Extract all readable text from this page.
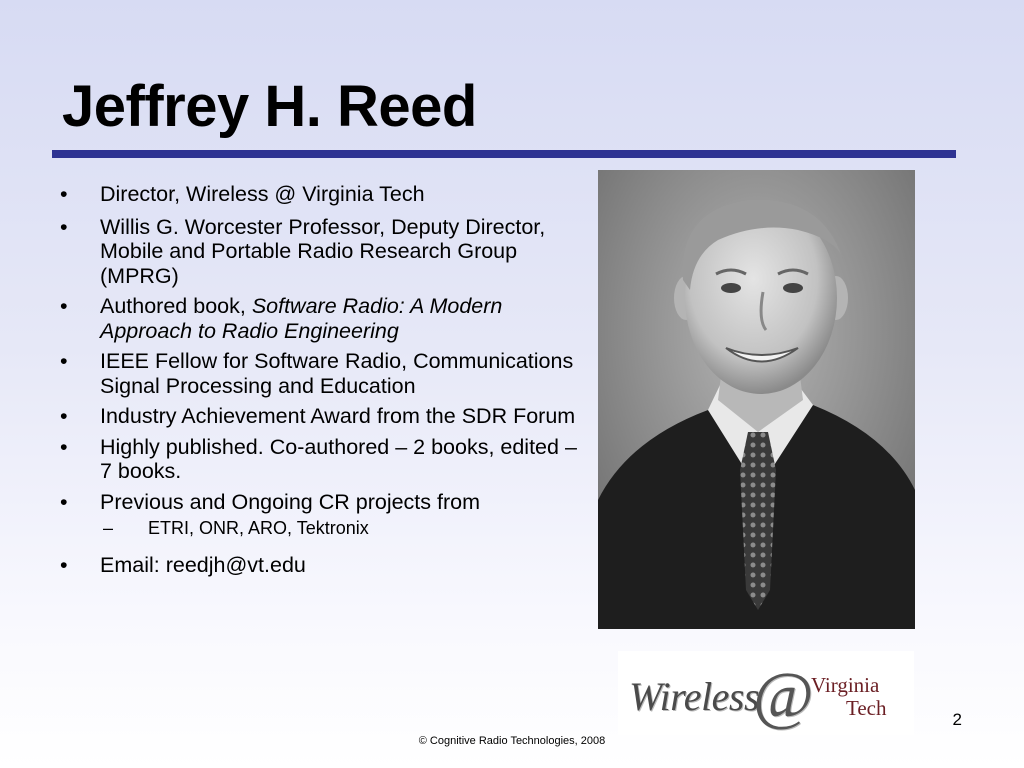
Jeffrey H. Reed
• Director, Wireless @ Virginia Tech
• Willis G. Worcester Professor, Deputy Director, Mobile and Portable Radio Research Group (MPRG)
• Authored book, Software Radio: A Modern Approach to Radio Engineering
• IEEE Fellow for Software Radio, Communications Signal Processing and Education
• Industry Achievement Award from the SDR Forum
• Highly published. Co-authored – 2 books, edited – 7 books.
• Previous and Ongoing CR projects from
– ETRI, ONR, ARO, Tektronix
• Email: reedjh@vt.edu
Wireless
@
Virginia
Tech	2
© Cognitive Radio Technologies, 2008
